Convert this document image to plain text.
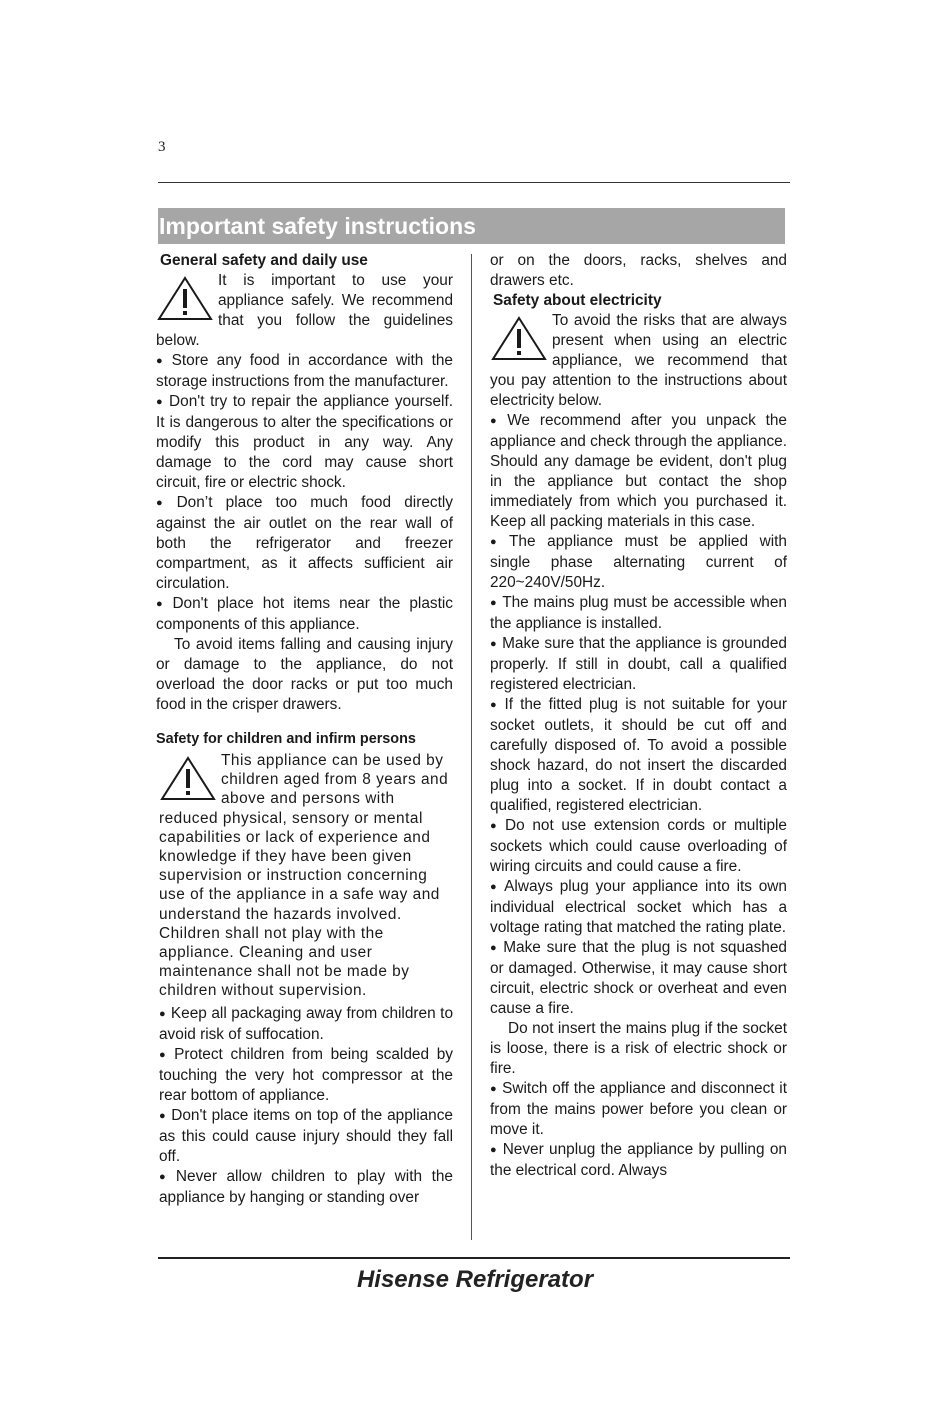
3
Important safety instructions
General safety and daily use

It is important to use your appliance safely. We recommend that you follow the guidelines below.

● Store any food in accordance with the storage instructions from the manufacturer.

● Don't try to repair the appliance yourself. It is dangerous to alter the specifications or modify this product in any way. Any damage to the cord may cause short circuit, fire or electric shock.

● Don’t place too much food directly against the air outlet on the rear wall of both the refrigerator and freezer compartment, as it affects sufficient air circulation.

● Don't place hot items near the plastic components of this appliance.

To avoid items falling and causing injury or damage to the appliance, do not overload the door racks or put too much food in the crisper drawers.

Safety for children and infirm persons

This appliance can be used by children aged from 8 years and above and persons with reduced physical, sensory or mental capabilities or lack of experience and knowledge if they have been given supervision or instruction concerning use of the appliance in a safe way and understand the hazards involved. Children shall not play with the appliance. Cleaning and user maintenance shall not be made by children without supervision.

● Keep all packaging away from children to avoid risk of suffocation.

● Protect children from being scalded by touching the very hot compressor at the rear bottom of appliance.

● Don't place items on top of the appliance as this could cause injury should they fall off.

● Never allow children to play with the appliance by hanging or standing over

or on the doors, racks, shelves and drawers etc.

Safety about electricity

To avoid the risks that are always present when using an electric appliance, we recommend that you pay attention to the instructions about electricity below.

● We recommend after you unpack the appliance and check through the appliance. Should any damage be evident, don't plug in the appliance but contact the shop immediately from which you purchased it. Keep all packing materials in this case.

● The appliance must be applied with single phase alternating current of 220~240V/50Hz.

● The mains plug must be accessible when the appliance is installed.

● Make sure that the appliance is grounded properly. If still in doubt, call a qualified registered electrician.

● If the fitted plug is not suitable for your socket outlets, it should be cut off and carefully disposed of. To avoid a possible shock hazard, do not insert the discarded plug into a socket. If in doubt contact a qualified, registered electrician.

● Do not use extension cords or multiple sockets which could cause overloading of wiring circuits and could cause a fire.

● Always plug your appliance into its own individual electrical socket which has a voltage rating that matched the rating plate.

● Make sure that the plug is not squashed or damaged. Otherwise, it may cause short circuit, electric shock or overheat and even cause a fire.

Do not insert the mains plug if the socket is loose, there is a risk of electric shock or fire.

● Switch off the appliance and disconnect it from the mains power before you clean or move it.

● Never unplug the appliance by pulling on the electrical cord. Always

Hisense Refrigerator
